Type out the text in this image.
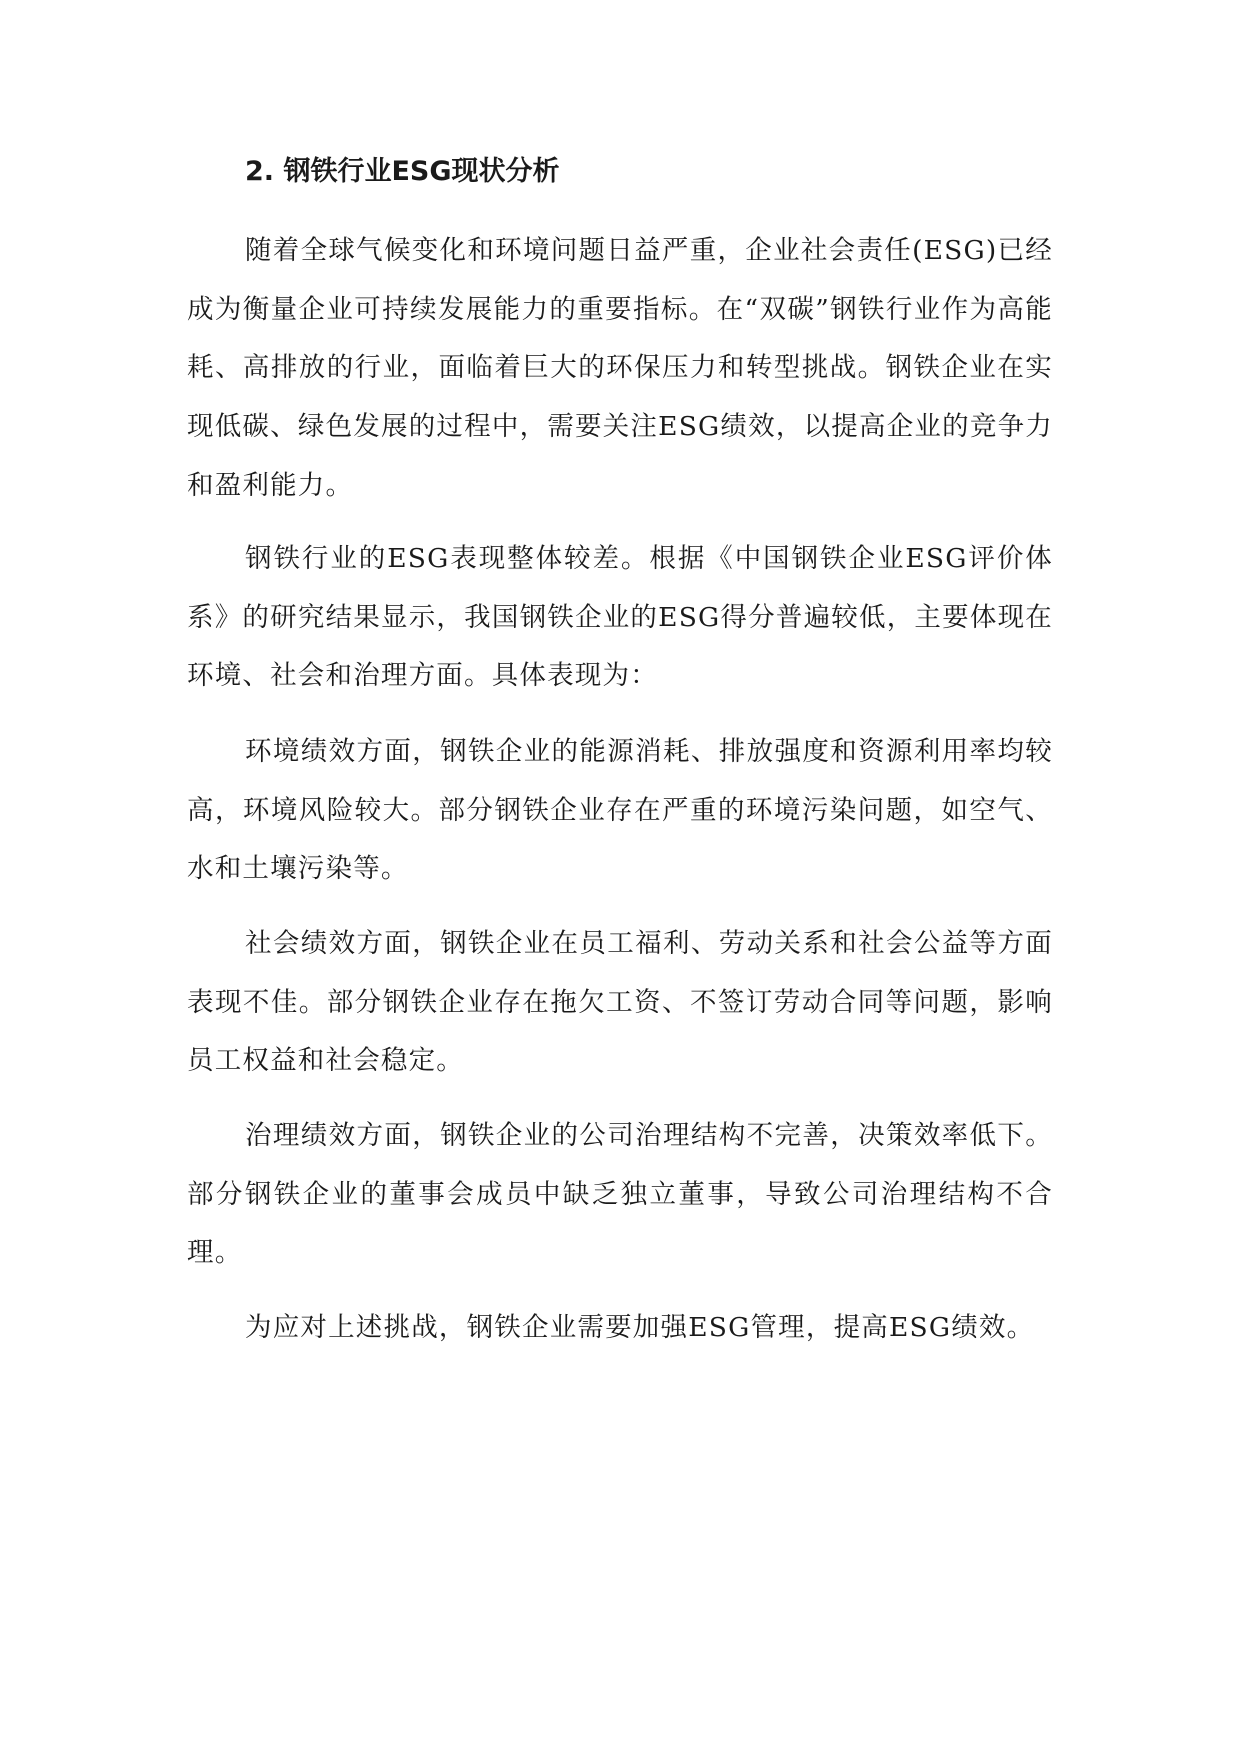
2. 钢铁行业ESG现状分析

随着全球气候变化和环境问题日益严重，企业社会责任(ESG)已经成为衡量企业可持续发展能力的重要指标。在“双碳”钢铁行业作为高能耗、高排放的行业，面临着巨大的环保压力和转型挑战。钢铁企业在实现低碳、绿色发展的过程中，需要关注ESG绩效，以提高企业的竞争力和盈利能力。

钢铁行业的ESG表现整体较差。根据《中国钢铁企业ESG评价体系》的研究结果显示，我国钢铁企业的ESG得分普遍较低，主要体现在环境、社会和治理方面。具体表现为：

环境绩效方面，钢铁企业的能源消耗、排放强度和资源利用率均较高，环境风险较大。部分钢铁企业存在严重的环境污染问题，如空气、水和土壤污染等。

社会绩效方面，钢铁企业在员工福利、劳动关系和社会公益等方面表现不佳。部分钢铁企业存在拖欠工资、不签订劳动合同等问题，影响员工权益和社会稳定。

治理绩效方面，钢铁企业的公司治理结构不完善，决策效率低下。部分钢铁企业的董事会成员中缺乏独立董事，导致公司治理结构不合理。

为应对上述挑战，钢铁企业需要加强ESG管理，提高ESG绩效。
